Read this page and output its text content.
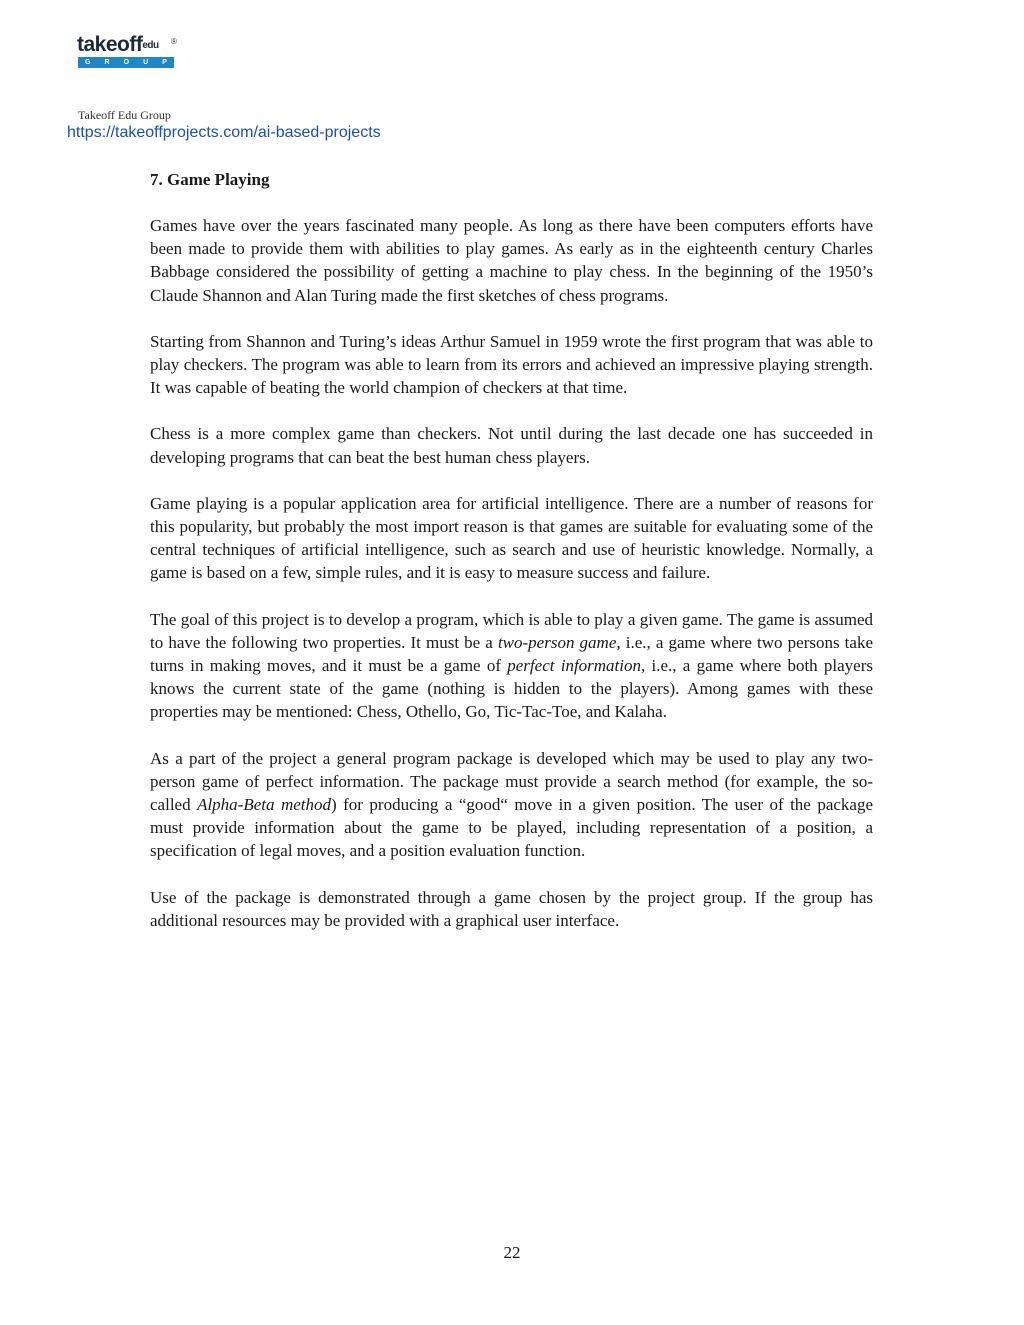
takeoffedu ®
G R O U P
Takeoff Edu Group
https://takeoffprojects.com/ai-based-projects
7. Game Playing

Games have over the years fascinated many people. As long as there have been computers efforts have been made to provide them with abilities to play games. As early as in the eighteenth century Charles Babbage considered the possibility of getting a machine to play chess. In the beginning of the 1950’s Claude Shannon and Alan Turing made the first sketches of chess programs.

Starting from Shannon and Turing’s ideas Arthur Samuel in 1959 wrote the first program that was able to play checkers. The program was able to learn from its errors and achieved an impressive playing strength. It was capable of beating the world champion of checkers at that time.

Chess is a more complex game than checkers. Not until during the last decade one has succeeded in developing programs that can beat the best human chess players.

Game playing is a popular application area for artificial intelligence. There are a number of reasons for this popularity, but probably the most import reason is that games are suitable for evaluating some of the central techniques of artificial intelligence, such as search and use of heuristic knowledge. Normally, a game is based on a few, simple rules, and it is easy to measure success and failure.

The goal of this project is to develop a program, which is able to play a given game. The game is assumed to have the following two properties. It must be a two-person game, i.e., a game where two persons take turns in making moves, and it must be a game of perfect information, i.e., a game where both players knows the current state of the game (nothing is hidden to the players). Among games with these properties may be mentioned: Chess, Othello, Go, Tic-Tac-Toe, and Kalaha.

As a part of the project a general program package is developed which may be used to play any two-person game of perfect information. The package must provide a search method (for example, the so-called Alpha-Beta method) for producing a “good“ move in a given position. The user of the package must provide information about the game to be played, including representation of a position, a specification of legal moves, and a position evaluation function.

Use of the package is demonstrated through a game chosen by the project group. If the group has additional resources may be provided with a graphical user interface.

22
